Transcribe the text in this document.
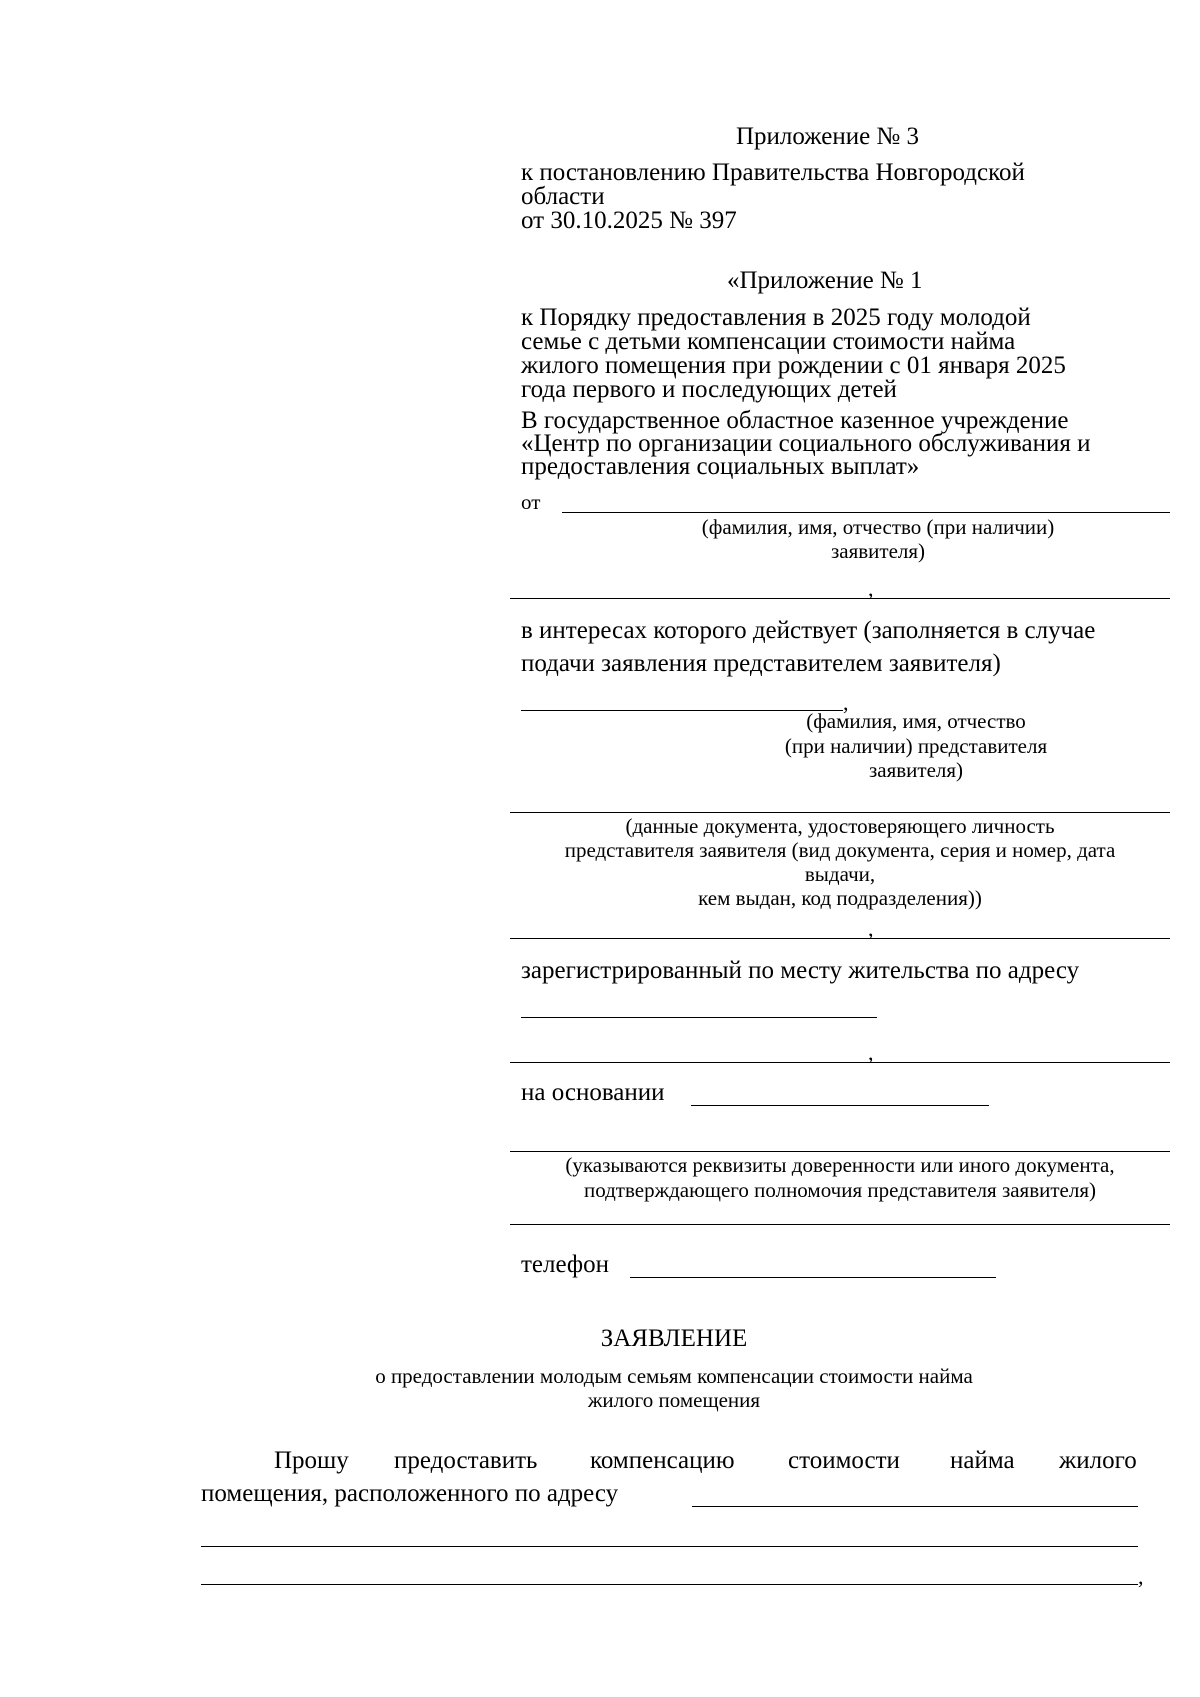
Приложение № 3
к постановлению Правительства Новгородской
области
от 30.10.2025 № 397
«Приложение № 1
к Порядку предоставления в 2025 году молодой
семье с детьми компенсации стоимости найма
жилого помещения при рождении с 01 января 2025
года первого и последующих детей
В государственное областное казенное учреждение
«Центр по организации социального обслуживания и
предоставления социальных выплат»
от
(фамилия, имя, отчество (при наличии)
заявителя)
,
в интересах которого действует (заполняется в случае
подачи заявления представителем заявителя)
,
(фамилия, имя, отчество
(при наличии) представителя
заявителя)
(данные документа, удостоверяющего личность
представителя заявителя (вид документа, серия и номер, дата
выдачи,
кем выдан, код подразделения))
,
зарегистрированный по месту жительства по адресу
,
на основании
(указываются реквизиты доверенности или иного документа,
подтверждающего полномочия представителя заявителя)
телефон
ЗАЯВЛЕНИЕ
о предоставлении молодым семьям компенсации стоимости найма
жилого помещения
Прошу предоставить компенсацию стоимости найма жилого
помещения, расположенного по адресу
,
